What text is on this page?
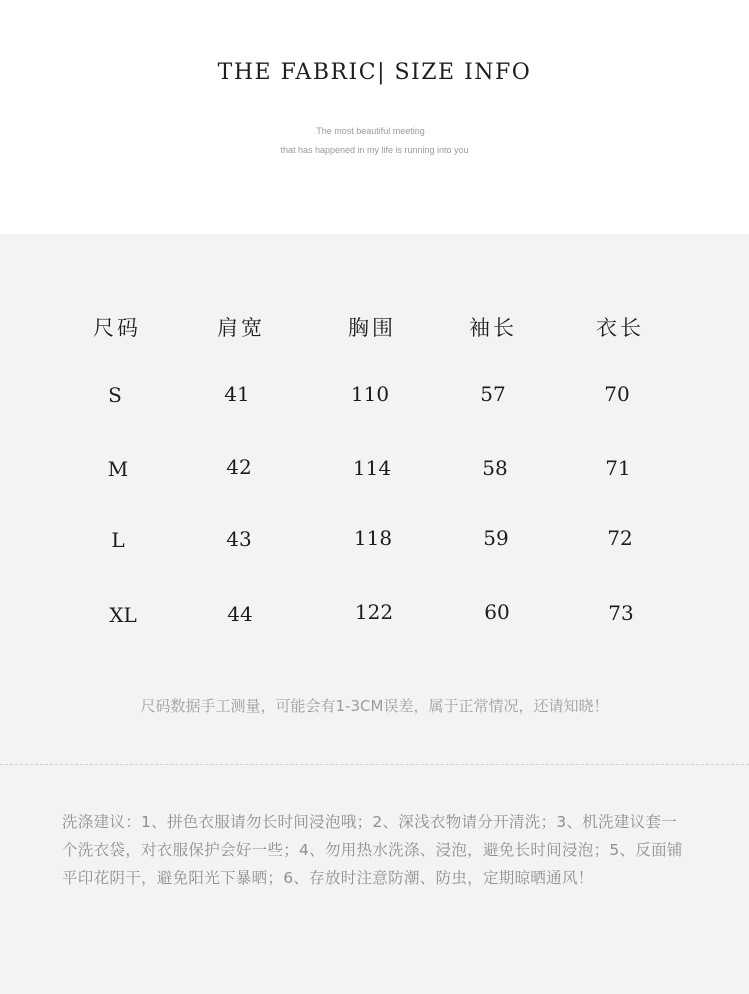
THE FABRIC| SIZE INFO
The most beautiful meeting
that has happened in my life is running into you
尺码	肩宽	胸围	袖长	衣长
S	41	110	57	70
M	42	114	58	71
L	43	118	59	72
XL	44	122	60	73
尺码数据手工测量，可能会有1-3CM误差，属于正常情况，还请知晓！
洗涤建议：1、拼色衣服请勿长时间浸泡哦；2、深浅衣物请分开清洗；3、机洗建议套一个洗衣袋，对衣服保护会好一些；4、勿用热水洗涤、浸泡，避免长时间浸泡；5、反面铺平印花阴干，避免阳光下暴晒；6、存放时注意防潮、防虫，定期晾晒通风！
